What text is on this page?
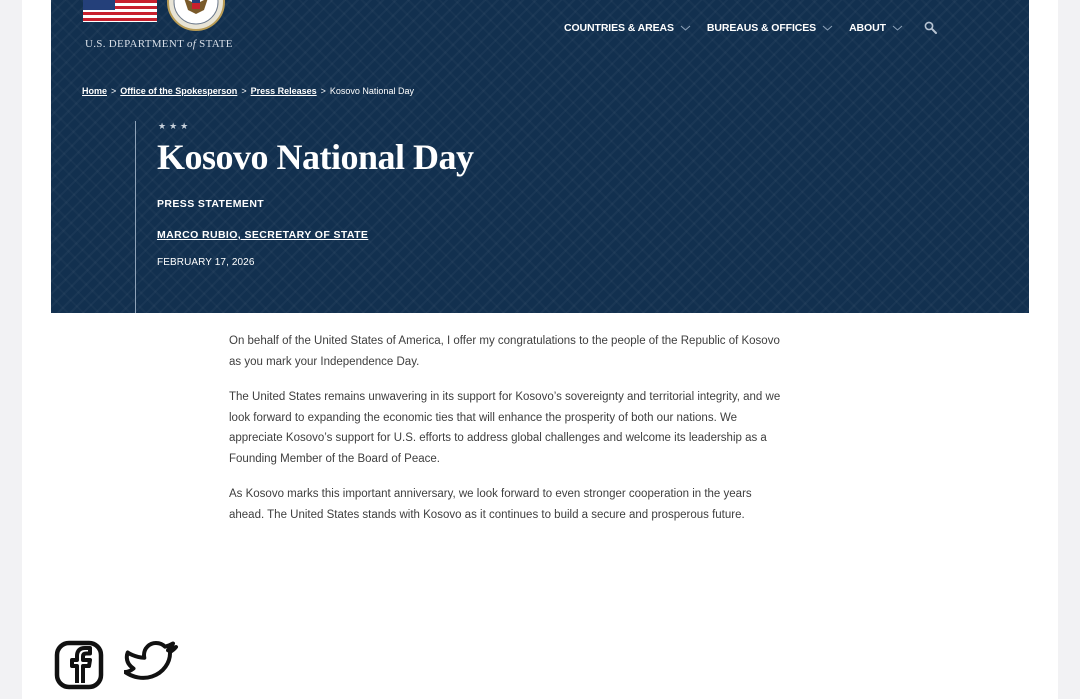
U.S. DEPARTMENT of STATE
COUNTRIES & AREAS	BUREAUS & OFFICES	ABOUT
Home > Office of the Spokesperson > Press Releases > Kosovo National Day
★★★
Kosovo National Day
PRESS STATEMENT
MARCO RUBIO, SECRETARY OF STATE
FEBRUARY 17, 2026

On behalf of the United States of America, I offer my congratulations to the people of the Republic of Kosovo as you mark your Independence Day.

The United States remains unwavering in its support for Kosovo’s sovereignty and territorial integrity, and we look forward to expanding the economic ties that will enhance the prosperity of both our nations. We appreciate Kosovo’s support for U.S. efforts to address global challenges and welcome its leadership as a Founding Member of the Board of Peace.

As Kosovo marks this important anniversary, we look forward to even stronger cooperation in the years ahead. The United States stands with Kosovo as it continues to build a secure and prosperous future.
